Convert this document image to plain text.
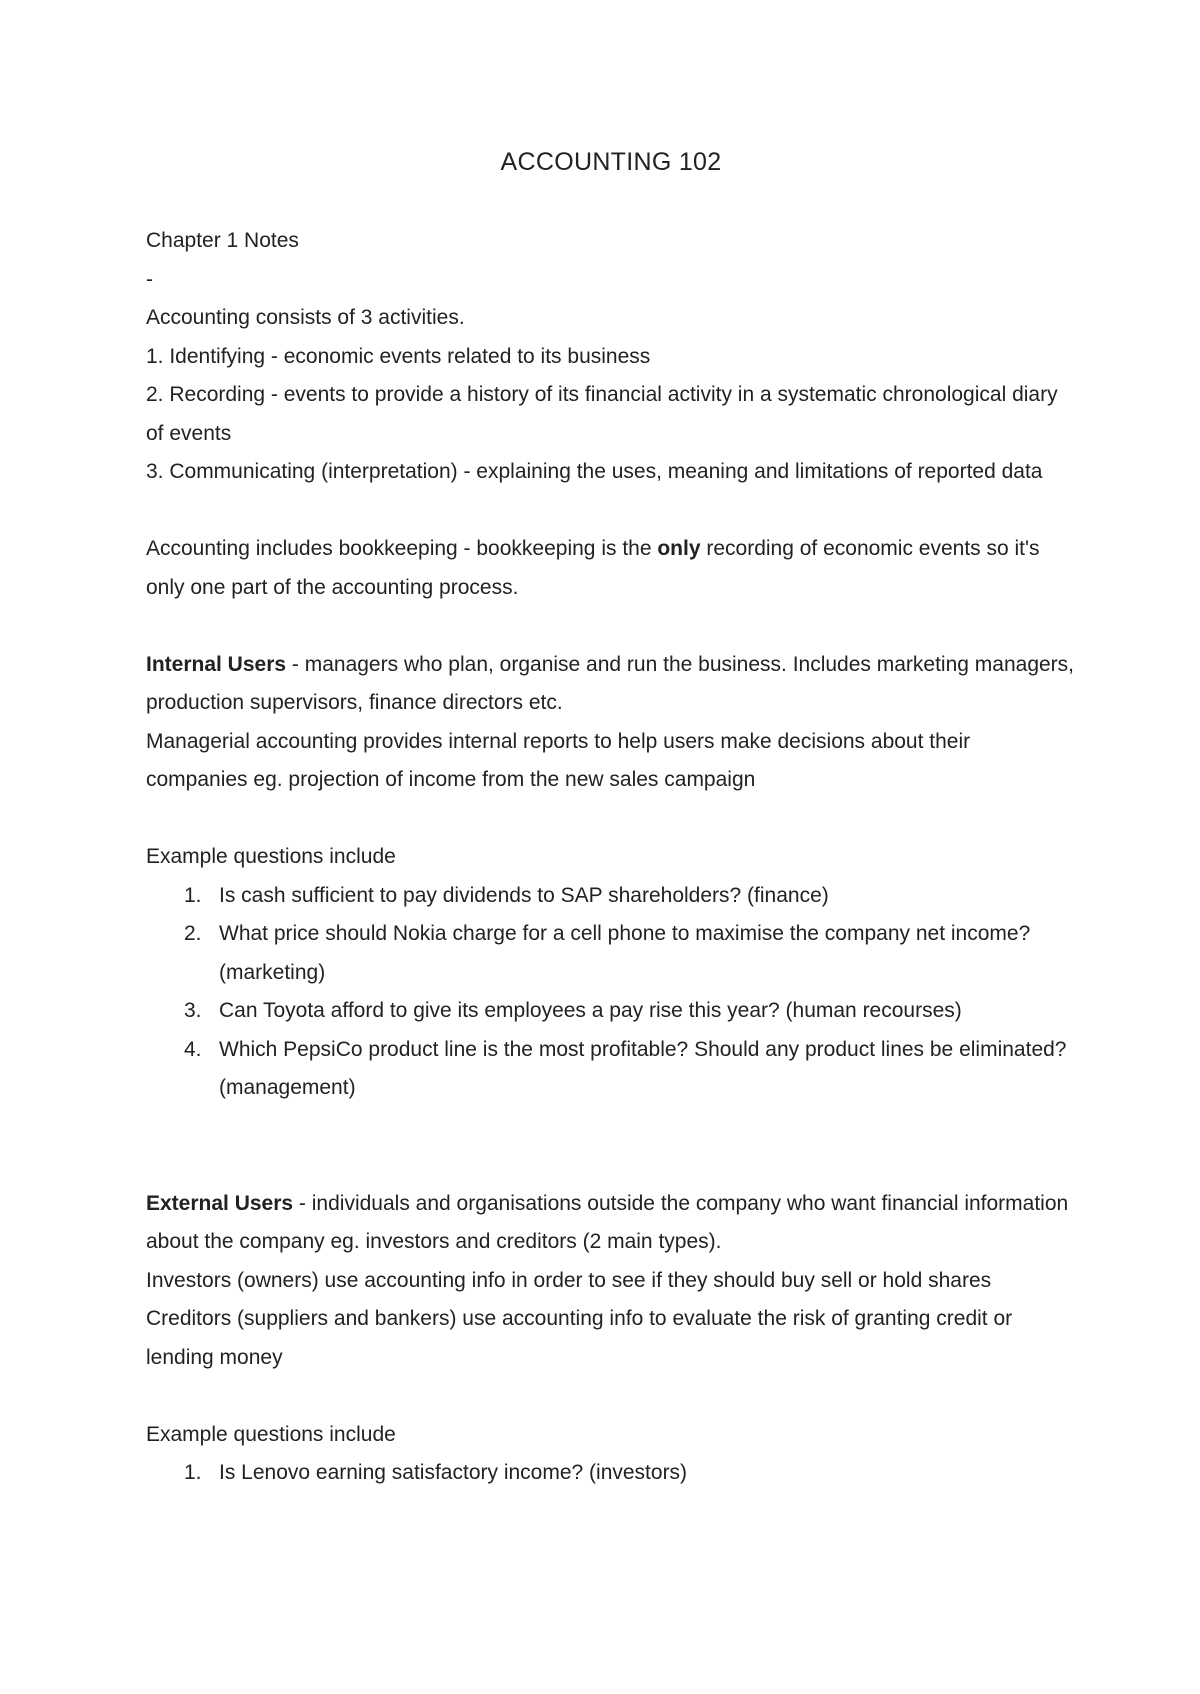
ACCOUNTING 102

Chapter 1 Notes

-

Accounting consists of 3 activities.

1. Identifying - economic events related to its business

2. Recording - events to provide a history of its financial activity in a systematic chronological diary of events

3. Communicating (interpretation) - explaining the uses, meaning and limitations of reported data

Accounting includes bookkeeping - bookkeeping is the only recording of economic events so it's only one part of the accounting process.

Internal Users - managers who plan, organise and run the business. Includes marketing managers, production supervisors, finance directors etc.

Managerial accounting provides internal reports to help users make decisions about their companies eg. projection of income from the new sales campaign

Example questions include

1. Is cash sufficient to pay dividends to SAP shareholders? (finance)
2. What price should Nokia charge for a cell phone to maximise the company net income? (marketing)
3. Can Toyota afford to give its employees a pay rise this year? (human recourses)
4. Which PepsiCo product line is the most profitable? Should any product lines be eliminated? (management)

External Users - individuals and organisations outside the company who want financial information about the company eg. investors and creditors (2 main types).

Investors (owners) use accounting info in order to see if they should buy sell or hold shares

Creditors (suppliers and bankers) use accounting info to evaluate the risk of granting credit or lending money

Example questions include

1. Is Lenovo earning satisfactory income? (investors)
